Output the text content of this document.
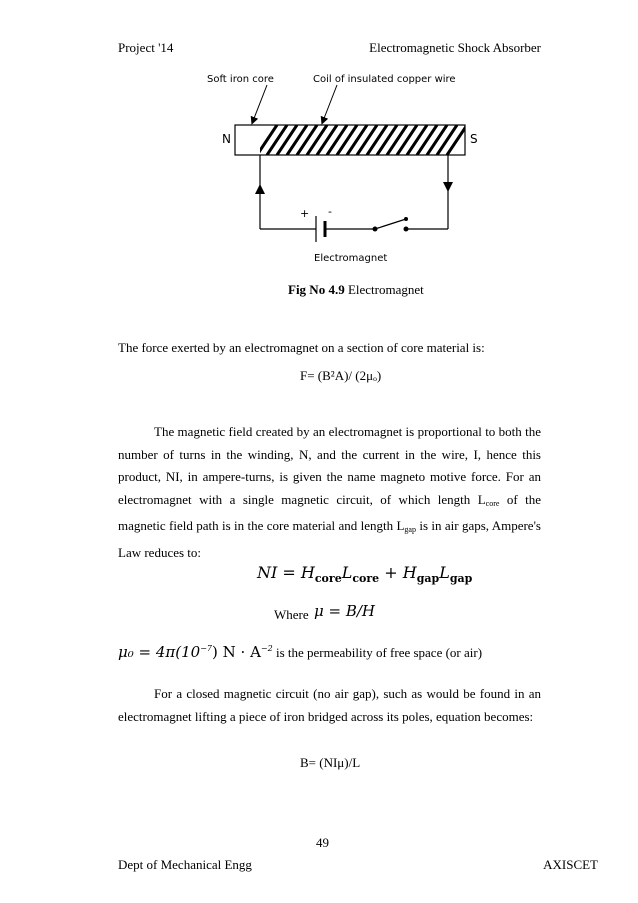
Project '14	Electromagnetic Shock Absorber
Soft iron core	Coil of insulated copper wire
N	S
+ -
Electromagnet
Fig No 4.9 Electromagnet
The force exerted by an electromagnet on a section of core material is:
F= (B²A)/ (2μₒ)
The magnetic field created by an electromagnet is proportional to both the number of turns in the winding, N, and the current in the wire, I, hence this product, NI, in ampere-turns, is given the name magneto motive force. For an electromagnet with a single magnetic circuit, of which length $L_{core}$ of the magnetic field path is in the core material and length $L_{gap}$ is in air gaps, Ampere's Law reduces to:
NI = $H_{core}L_{core} + H_{gap}L_{gap}$
Where μ = B/H
$\mu_0 = 4\pi(10^{-7}) N \cdot A^{-2}$ is the permeability of free space (or air)
For a closed magnetic circuit (no air gap), such as would be found in an electromagnet lifting a piece of iron bridged across its poles, equation becomes:
B= (NIμ)/L
49
Dept of Mechanical Engg	AXISCET
